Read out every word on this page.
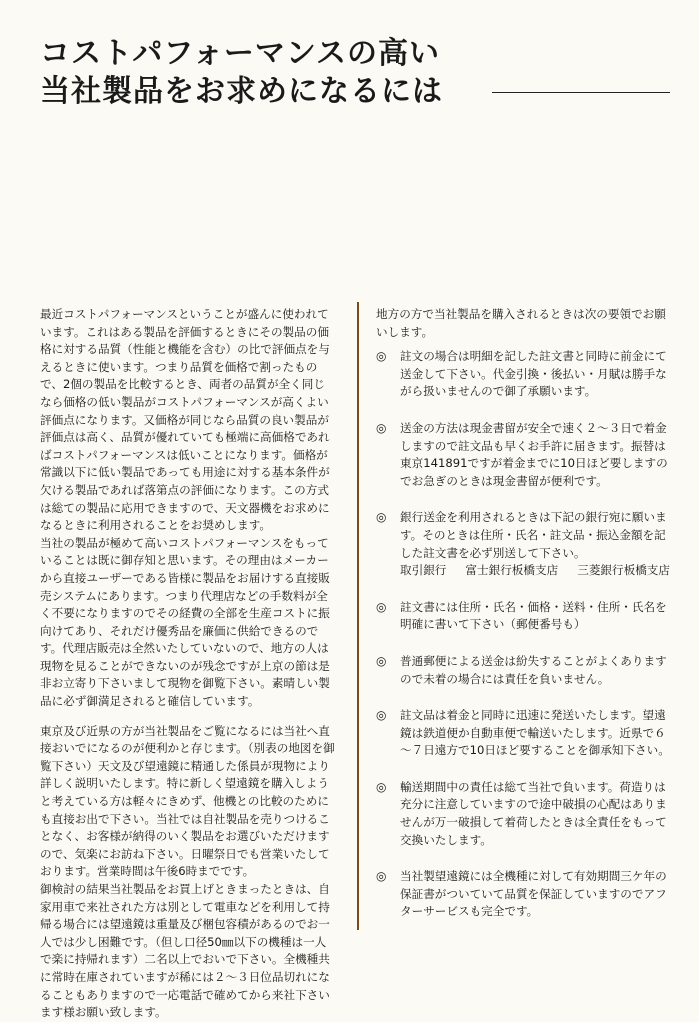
コストパフォーマンスの高い
当社製品をお求めになるには

最近コストパフォーマンスということが盛んに使われています。これはある製品を評価するときにその製品の価格に対する品質（性能と機能を含む）の比で評価点を与えるときに使います。つまり品質を価格で割ったもので、2個の製品を比較するとき、両者の品質が全く同じなら価格の低い製品がコストパフォーマンスが高くよい評価点になります。又価格が同じなら品質の良い製品が評価点は高く、品質が優れていても極端に高価格であればコストパフォーマンスは低いことになります。価格が常識以下に低い製品であっても用途に対する基本条件が欠ける製品であれば落第点の評価になります。この方式は総ての製品に応用できますので、天文器機をお求めになるときに利用されることをお奨めします。

当社の製品が極めて高いコストパフォーマンスをもっていることは既に御存知と思います。その理由はメーカーから直接ユーザーである皆様に製品をお届けする直接販売システムにあります。つまり代理店などの手数料が全く不要になりますのでその経費の全部を生産コストに振向けてあり、それだけ優秀品を廉価に供給できるのです。代理店販売は全然いたしていないので、地方の人は現物を見ることができないのが残念ですが上京の節は是非お立寄り下さいまして現物を御覧下さい。素晴しい製品に必ず御満足されると確信しています。

東京及び近県の方が当社製品をご覧になるには当社へ直接おいでになるのが便利かと存じます。（別表の地図を御覧下さい）天文及び望遠鏡に精通した係員が現物により詳しく説明いたします。特に新しく望遠鏡を購入しようと考えている方は軽々にきめず、他機との比較のためにも直接お出で下さい。当社では自社製品を売りつけることなく、お客様が納得のいく製品をお選びいただけますので、気楽にお訪ね下さい。日曜祭日でも営業いたしております。営業時間は午後6時までです。

御検討の結果当社製品をお買上げときまったときは、自家用車で来社された方は別として電車などを利用して持帰る場合には望遠鏡は重量及び梱包容積があるのでお一人では少し困難です。（但し口径50㎜以下の機種は一人で楽に持帰れます）二名以上でおいで下さい。全機種共に常時在庫されていますが稀には２～３日位品切れになることもありますので一応電話で確めてから来社下さいます様お願い致します。

地方の方で当社製品を購入されるときは次の要領でお願いします。

◎ 註文の場合は明細を記した註文書と同時に前金にて送金して下さい。代金引換・後払い・月賦は勝手ながら扱いませんので御了承願います。

◎ 送金の方法は現金書留が安全で速く２～３日で着金しますので註文品も早くお手許に届きます。振替は東京141891ですが着金までに10日ほど要しますのでお急ぎのときは現金書留が便利です。

◎ 銀行送金を利用されるときは下記の銀行宛に願います。そのときは住所・氏名・註文品・振込金額を記した註文書を必ず別送して下さい。

取引銀行 富士銀行板橋支店 三菱銀行板橋支店
◎ 註文書には住所・氏名・価格・送料・住所・氏名を明確に書いて下さい（郵便番号も）

◎ 普通郵便による送金は紛失することがよくありますので未着の場合には責任を負いません。

◎ 註文品は着金と同時に迅速に発送いたします。望遠鏡は鉄道便か自動車便で輸送いたします。近県で６～７日遠方で10日ほど要することを御承知下さい。

◎ 輸送期間中の責任は総て当社で負います。荷造りは充分に注意していますので途中破損の心配はありませんが万一破損して着荷したときは全責任をもって交換いたします。

◎ 当社製望遠鏡には全機種に対して有効期間三ケ年の保証書がついていて品質を保証していますのでアフターサービスも完全です。
